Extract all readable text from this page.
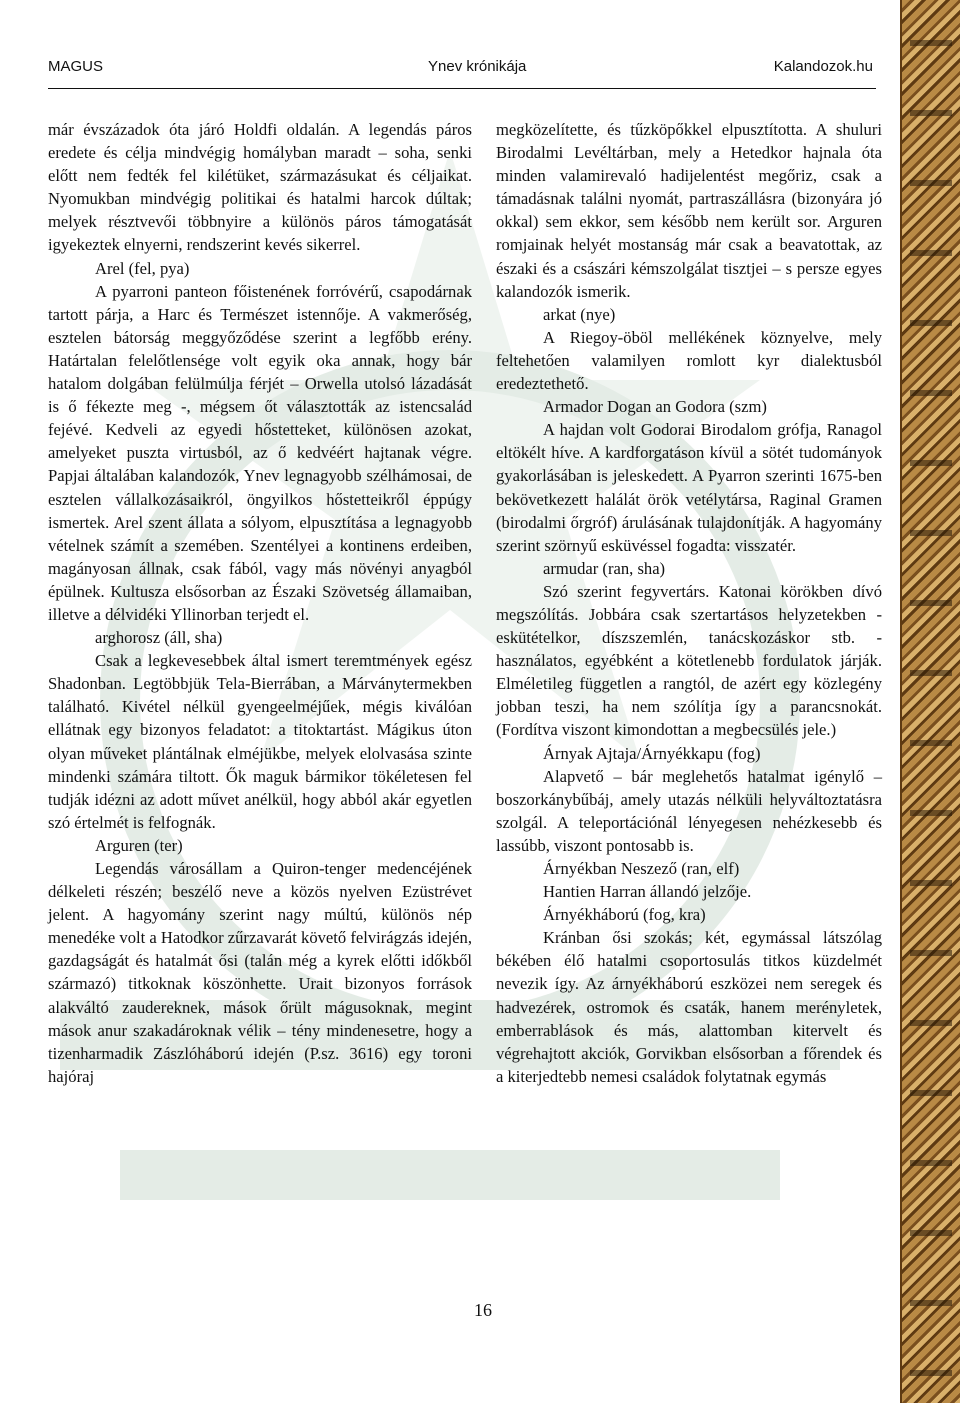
MAGUS	Ynev krónikája	Kalandozok.hu

már évszázadok óta járó Holdfi oldalán. A legendás páros eredete és célja mindvégig homályban maradt – soha, senki előtt nem fedték fel kilétüket, származásukat és céljaikat. Nyomukban mindvégig politikai és hatalmi harcok dúltak; melyek résztvevői többnyire a különös páros támogatását igyekeztek elnyerni, rendszerint kevés sikerrel.

Arel (fel, pya)

A pyarroni panteon főistenének forróvérű, csapodárnak tartott párja, a Harc és Természet istennője. A vakmerőség, esztelen bátorság meggyőződése szerint a legfőbb erény. Határtalan felelőtlensége volt egyik oka annak, hogy bár hatalom dolgában felülmúlja férjét – Orwella utolsó lázadását is ő fékezte meg -, mégsem őt választották az istencsalád fejévé. Kedveli az egyedi hőstetteket, különösen azokat, amelyeket puszta virtusból, az ő kedvéért hajtanak végre. Papjai általában kalandozók, Ynev legnagyobb szélhámosai, de esztelen vállalkozásaikról, öngyilkos hőstetteikről éppúgy ismertek. Arel szent állata a sólyom, elpusztítása a legnagyobb vételnek számít a szemében. Szentélyei a kontinens erdeiben, magányosan állnak, csak fából, vagy más növényi anyagból épülnek. Kultusza elsősorban az Északi Szövetség államaiban, illetve a délvidéki Yllinorban terjedt el.

arghorosz (áll, sha)

Csak a legkevesebbek által ismert teremtmények egész Shadonban. Legtöbbjük Tela-Bierrában, a Márványtermekben található. Kivétel nélkül gyengeelméjűek, mégis kiválóan ellátnak egy bizonyos feladatot: a titoktartást. Mágikus úton olyan műveket plántálnak elméjükbe, melyek elolvasása szinte mindenki számára tiltott. Ők maguk bármikor tökéletesen fel tudják idézni az adott művet anélkül, hogy abból akár egyetlen szó értelmét is felfognák.

Arguren (ter)

Legendás városállam a Quiron-tenger medencéjének délkeleti részén; beszélő neve a közös nyelven Ezüstrévet jelent. A hagyomány szerint nagy múltú, különös nép menedéke volt a Hatodkor zűrzavarát követő felvirágzás idején, gazdagságát és hatalmát ősi (talán még a kyrek előtti időkből származó) titkoknak köszönhette. Urait bizonyos források alakváltó zaudereknek, mások őrült mágusoknak, megint mások anur szakadároknak vélik – tény mindenesetre, hogy a tizenharmadik Zászlóháború idején (P.sz. 3616) egy toroni hajóraj

megközelítette, és tűzköpőkkel elpusztította. A shuluri Birodalmi Levéltárban, mely a Hetedkor hajnala óta minden valamirevaló hadijelentést megőriz, csak a támadásnak találni nyomát, partraszállásra (bizonyára jó okkal) sem ekkor, sem később nem került sor. Arguren romjainak helyét mostanság már csak a beavatottak, az északi és a császári kémszolgálat tisztjei – s persze egyes kalandozók ismerik.

arkat (nye)

A Riegoy-öböl mellékének köznyelve, mely feltehetően valamilyen romlott kyr dialektusból eredeztethető.

Armador Dogan an Godora (szm)

A hajdan volt Godorai Birodalom grófja, Ranagol eltökélt híve. A kardforgatáson kívül a sötét tudományok gyakorlásában is jeleskedett. A Pyarron szerinti 1675-ben bekövetkezett halálát örök vetélytársa, Raginal Gramen (birodalmi őrgróf) árulásának tulajdonítják. A hagyomány szerint szörnyű esküvéssel fogadta: visszatér.

armudar (ran, sha)

Szó szerint fegyvertárs. Katonai körökben dívó megszólítás. Jobbára csak szertartásos helyzetekben - eskütételkor, díszszemlén, tanácskozáskor stb. - használatos, egyébként a kötetlenebb fordulatok járják. Elméletileg független a rangtól, de azért egy közlegény jobban teszi, ha nem szólítja így a parancsnokát. (Fordítva viszont kimondottan a megbecsülés jele.)

Árnyak Ajtaja/Árnyékkapu (fog)

Alapvető – bár meglehetős hatalmat igénylő – boszorkánybűbáj, amely utazás nélküli helyváltoztatásra szolgál. A teleportációnál lényegesen nehézkesebb és lassúbb, viszont pontosabb is.

Árnyékban Neszező (ran, elf)

Hantien Harran állandó jelzője.

Árnyékháború (fog, kra)

Kránban ősi szokás; két, egymással látszólag békében élő hatalmi csoportosulás titkos küzdelmét nevezik így. Az árnyékháború eszközei nem seregek és hadvezérek, ostromok és csaták, hanem merényletek, emberrablások és más, alattomban kitervelt és végrehajtott akciók, Gorvikban elsősorban a főrendek és a kiterjedtebb nemesi családok folytatnak egymás

16
